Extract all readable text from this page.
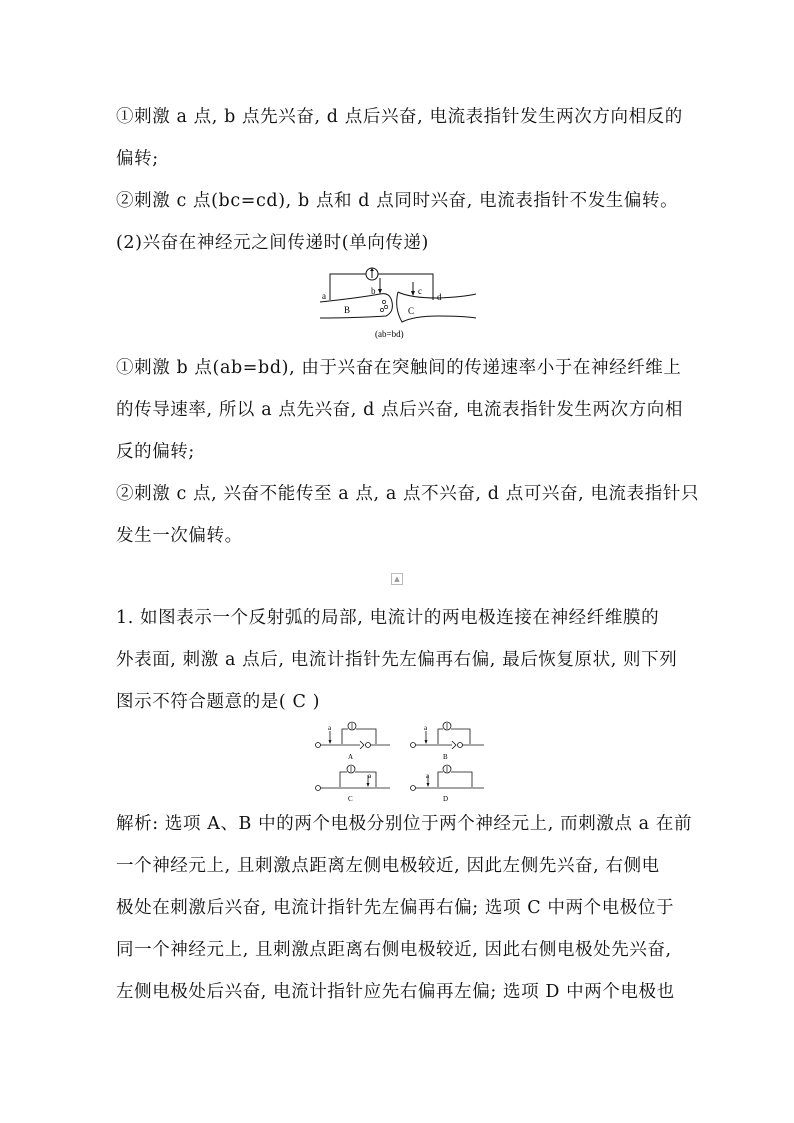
①刺激 a 点, b 点先兴奋, d 点后兴奋, 电流表指针发生两次方向相反的
偏转;
②刺激 c 点(bc=cd), b 点和 d 点同时兴奋, 电流表指针不发生偏转。
(2)兴奋在神经元之间传递时(单向传递)
a	b	c
d
B	C
(ab=bd)
①刺激 b 点(ab=bd), 由于兴奋在突触间的传递速率小于在神经纤维上
的传导速率, 所以 a 点先兴奋, d 点后兴奋, 电流表指针发生两次方向相
反的偏转;
②刺激 c 点, 兴奋不能传至 a 点, a 点不兴奋, d 点可兴奋, 电流表指针只
发生一次偏转。
▲
1. 如图表示一个反射弧的局部, 电流计的两电极连接在神经纤维膜的
外表面, 刺激 a 点后, 电流计指针先左偏再右偏, 最后恢复原状, 则下列
图示不符合题意的是( C )
a
A
a
B
a
C
a
D
解析: 选项 A、B 中的两个电极分别位于两个神经元上, 而刺激点 a 在前
一个神经元上, 且刺激点距离左侧电极较近, 因此左侧先兴奋, 右侧电
极处在刺激后兴奋, 电流计指针先左偏再右偏; 选项 C 中两个电极位于
同一个神经元上, 且刺激点距离右侧电极较近, 因此右侧电极处先兴奋,
左侧电极处后兴奋, 电流计指针应先右偏再左偏; 选项 D 中两个电极也
